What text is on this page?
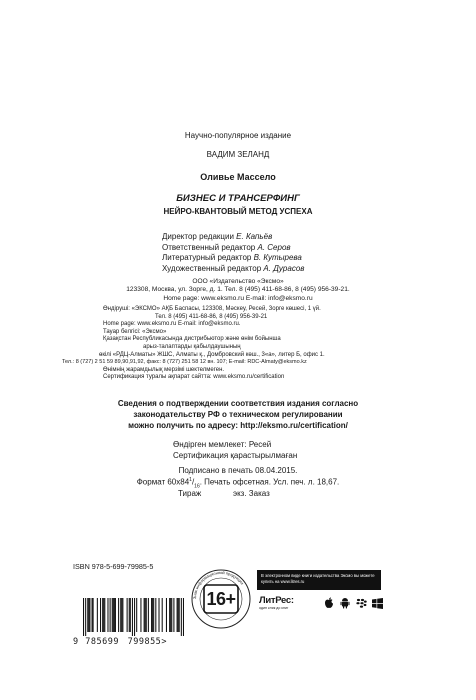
Научно-популярное издание
ВАДИМ ЗЕЛАНД
Оливье Массело
БИЗНЕС И ТРАНСЕРФИНГ
НЕЙРО-КВАНТОВЫЙ МЕТОД УСПЕХА
Директор редакции Е. Капьёв
Ответственный редактор А. Серов
Литературный редактор В. Кутырева
Художественный редактор А. Дурасов
ООО «Издательство «Эксмо»
123308, Москва, ул. Зорге, д. 1. Тел. 8 (495) 411-68-86, 8 (495) 956-39-21.
Home page: www.eksmo.ru E-mail: info@eksmo.ru
Өндіруші: «ЭКСМО» АҚБ Баспасы, 123308, Мәскеу, Ресей, Зорге көшесі, 1 үй.
Тел. 8 (495) 411-68-86, 8 (495) 956-39-21
Home page: www.eksmo.ru E-mail: info@eksmo.ru.
Тауар белгісі: «Эксмо»
Қазақстан Республикасында дистрибьютор және өнім бойынша
арыз-талаптарды қабылдаушының
өкілі «РДЦ-Алматы» ЖШС, Алматы қ., Домбровский көш., 3«а», литер Б, офис 1.
Тел.: 8 (727) 2 51 59 89,90,91,92, факс: 8 (727) 251 58 12 вн. 107; E-mail: RDC-Almaty@eksmo.kz
Өнімнің жарамдылық мерзімі шектелмеген.
Сертификация туралы ақпарат сайтта: www.eksmo.ru/certification
Сведения о подтверждении соответствия издания согласно
законодательству РФ о техническом регулировании
можно получить по адресу: http://eksmo.ru/certification/
Өндірген мемлекет: Ресей
Сертификация қарастырылмаған
Подписано в печать 08.04.2015.
Формат $60x84^1/_{16}$. Печать офсетная. Усл. печ. л. 18,67.
Тираж	экз. Заказ
ISBN 978-5-699-79985-5
9 785699 799855>
Знак информационной продукции
16+
В электронном виде книги издательства Эксмо вы можете купить на www.litres.ru
ЛитРес:
один клик до книг
